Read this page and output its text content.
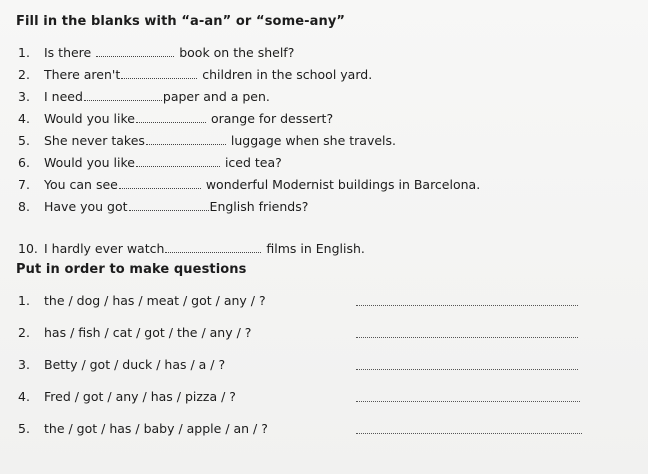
Fill in the blanks with “a-an” or “some-any”
1. Is there	book on the shelf?
2. There aren't	children in the school yard.
3. I need	paper and a pen.
4. Would you like	orange for dessert?
5. She never takes	luggage when she travels.
6. Would you like	iced tea?
7. You can see	wonderful Modernist buildings in Barcelona.
8. Have you got	English friends?
10. I hardly ever watch	films in English.
Put in order to make questions
1. the / dog / has / meat / got / any / ?
2. has / fish / cat / got / the / any / ?
3. Betty / got / duck / has / a / ?
4. Fred / got / any / has / pizza / ?
5. the / got / has / baby / apple / an / ?
